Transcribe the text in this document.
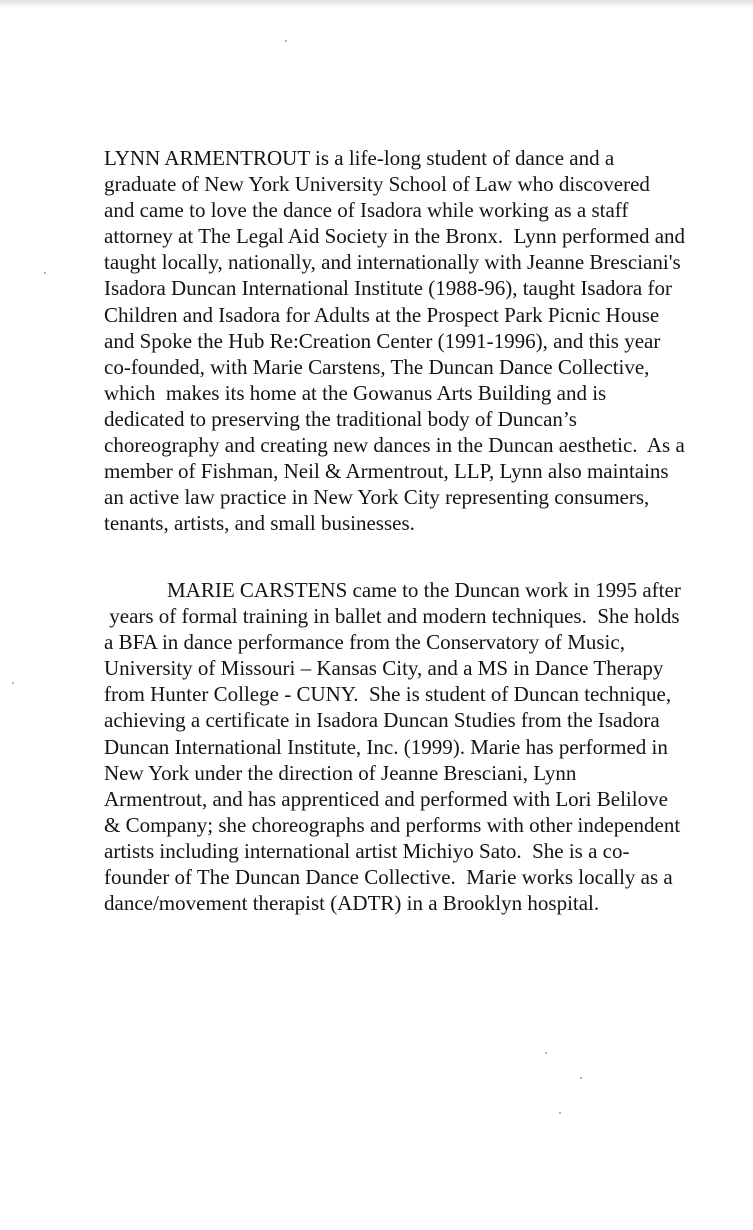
LYNN ARMENTROUT is a life-long student of dance and a
graduate of New York University School of Law who discovered
and came to love the dance of Isadora while working as a staff
attorney at The Legal Aid Society in the Bronx.  Lynn performed and
taught locally, nationally, and internationally with Jeanne Bresciani's
Isadora Duncan International Institute (1988-96), taught Isadora for
Children and Isadora for Adults at the Prospect Park Picnic House
and Spoke the Hub Re:Creation Center (1991-1996), and this year
co-founded, with Marie Carstens, The Duncan Dance Collective,
which  makes its home at the Gowanus Arts Building and is
dedicated to preserving the traditional body of Duncan’s
choreography and creating new dances in the Duncan aesthetic.  As a
member of Fishman, Neil & Armentrout, LLP, Lynn also maintains
an active law practice in New York City representing consumers,
tenants, artists, and small businesses.
MARIE CARSTENS came to the Duncan work in 1995 after
years of formal training in ballet and modern techniques.  She holds
a BFA in dance performance from the Conservatory of Music,
University of Missouri – Kansas City, and a MS in Dance Therapy
from Hunter College - CUNY.  She is student of Duncan technique,
achieving a certificate in Isadora Duncan Studies from the Isadora
Duncan International Institute, Inc. (1999). Marie has performed in
New York under the direction of Jeanne Bresciani, Lynn
Armentrout, and has apprenticed and performed with Lori Belilove
& Company; she choreographs and performs with other independent
artists including international artist Michiyo Sato.  She is a co-
founder of The Duncan Dance Collective.  Marie works locally as a
dance/movement therapist (ADTR) in a Brooklyn hospital.
